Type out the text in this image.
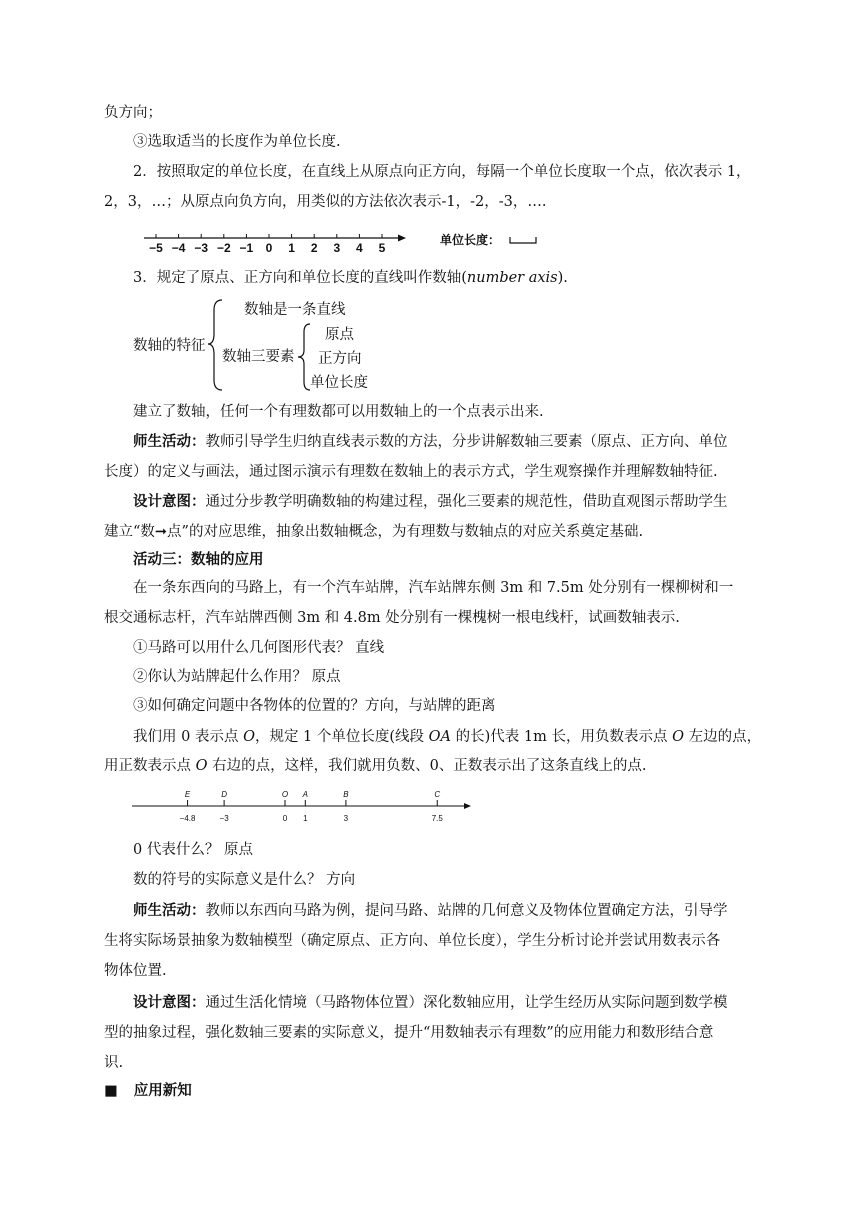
负方向；
③选取适当的长度作为单位长度.
2．按照取定的单位长度，在直线上从原点向正方向，每隔一个单位长度取一个点，依次表示 1，
2，3，…；从原点向负方向，用类似的方法依次表示-1，-2，-3，….
−5 −4 −3 −2 −1 0 1 2 3 4 5
单位长度：
3．规定了原点、正方向和单位长度的直线叫作数轴(number axis).
数轴的特征
数轴是一条直线
数轴三要素
原点
正方向
单位长度
建立了数轴，任何一个有理数都可以用数轴上的一个点表示出来.
师生活动：教师引导学生归纳直线表示数的方法，分步讲解数轴三要素（原点、正方向、单位
长度）的定义与画法，通过图示演示有理数在数轴上的表示方式，学生观察操作并理解数轴特征.
设计意图：通过分步教学明确数轴的构建过程，强化三要素的规范性，借助直观图示帮助学生
建立“数➞点”的对应思维，抽象出数轴概念，为有理数与数轴点的对应关系奠定基础.
活动三：数轴的应用
在一条东西向的马路上，有一个汽车站牌，汽车站牌东侧 3m 和 7.5m 处分别有一棵柳树和一
根交通标志杆，汽车站牌西侧 3m 和 4.8m 处分别有一棵槐树一根电线杆，试画数轴表示.
①马路可以用什么几何图形代表？ 直线
②你认为站牌起什么作用？ 原点
③如何确定问题中各物体的位置的？方向，与站牌的距离
我们用 0 表示点 O，规定 1 个单位长度(线段 OA 的长)代表 1m 长，用负数表示点 O 左边的点，
用正数表示点 O 右边的点，这样，我们就用负数、0、正数表示出了这条直线上的点.
E
−4.8
D
−3
O
0
A
1
B
3
C
7.5
0 代表什么？ 原点
数的符号的实际意义是什么？ 方向
师生活动：教师以东西向马路为例，提问马路、站牌的几何意义及物体位置确定方法，引导学
生将实际场景抽象为数轴模型（确定原点、正方向、单位长度），学生分析讨论并尝试用数表示各
物体位置.
设计意图：通过生活化情境（马路物体位置）深化数轴应用，让学生经历从实际问题到数学模
型的抽象过程，强化数轴三要素的实际意义，提升“用数轴表示有理数”的应用能力和数形结合意
识.
■ 应用新知
